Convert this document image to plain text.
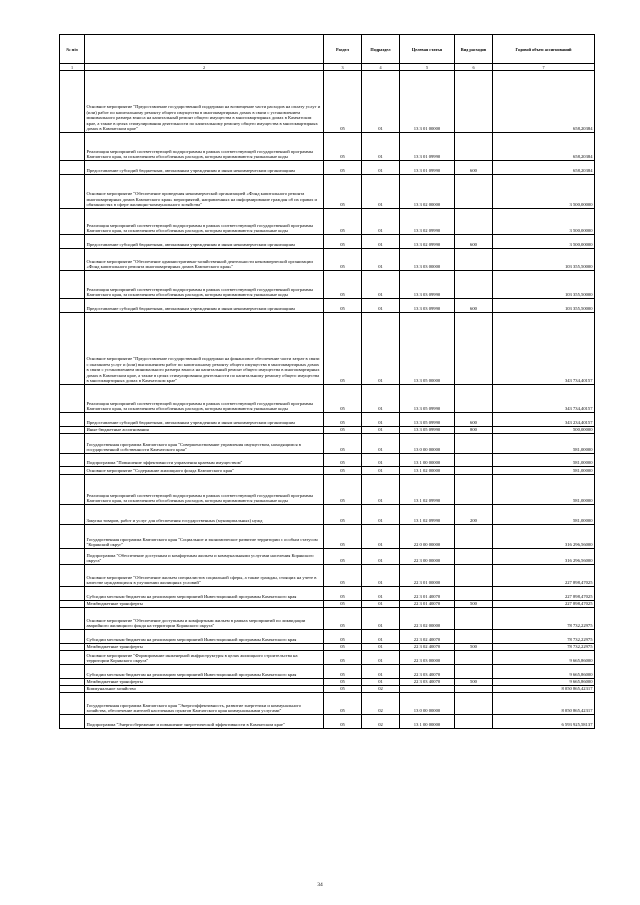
№ п/п		Раздел	Подраздел	Целевая статья	Вид расходов	Годовой объем ассигнований
1	2	3	4	5	6	7
	Основное мероприятие "Предоставление государственной поддержки на возмещение части расходов на оплату услуг и (или) работ по капитальному ремонту общего имущества в многоквартирных домах в связи с установлением минимального размера взноса на капитальный ремонт общего имущества в многоквартирных домах в Камчатском крае, а также в целях стимулирования деятельности по капитальному ремонту общего имущества в многоквартирных домах в Камчатском крае"	05	01	13 3 01 00000		658,20384
	Реализация мероприятий соответствующей подпрограммы в рамках соответствующей государственной программы Камчатского края, за исключением обособленных расходов, которым присваиваются уникальные коды	05	01	13 3 01 09990		658,20384
	Предоставление субсидий бюджетным, автономным учреждениям и иным некоммерческим организациям	05	01	13 3 01 09990	600	658,20384
	Основное мероприятие "Обеспечение проведения некоммерческой организацией «Фонд капитального ремонта многоквартирных домов Камчатского края» мероприятий, направленных на информирование граждан об их правах и обязанностях в сфере жилищно-коммунального хозяйства"	05	01	13 3 02 00000		3 500,00000
	Реализация мероприятий соответствующей подпрограммы в рамках соответствующей государственной программы Камчатского края, за исключением обособленных расходов, которым присваиваются уникальные коды	05	01	13 3 02 09990		3 500,00000
	Предоставление субсидий бюджетным, автономным учреждениям и иным некоммерческим организациям	05	01	13 3 02 09990	600	3 500,00000
	Основное мероприятие "Обеспечение административно-хозяйственной деятельности некоммерческой организации «Фонд капитального ремонта многоквартирных домов Камчатского края»"	05	01	13 3 03 00000		103 355,50000
	Реализация мероприятий соответствующей подпрограммы в рамках соответствующей государственной программы Камчатского края, за исключением обособленных расходов, которым присваиваются уникальные коды	05	01	13 3 03 09990		103 355,50000
	Предоставление субсидий бюджетным, автономным учреждениям и иным некоммерческим организациям	05	01	13 3 03 09990	600	103 355,50000
	Основное мероприятие "Предоставление государственной поддержки на финансовое обеспечение части затрат в связи с оказанием услуг и (или) выполнением работ по капитальному ремонту общего имущества в многоквартирных домах в связи с установлением минимального размера взноса на капитальный ремонт общего имущества в многоквартирных домах в Камчатском крае, а также в целях стимулирования деятельности по капитальному ремонту общего имущества в многоквартирных домах в Камчатском крае"	05	01	13 3 05 00000		343 734,40157
	Реализация мероприятий соответствующей подпрограммы в рамках соответствующей государственной программы Камчатского края, за исключением обособленных расходов, которым присваиваются уникальные коды	05	01	13 3 05 09990		343 734,40157
	Предоставление субсидий бюджетным, автономным учреждениям и иным некоммерческим организациям	05	01	13 3 05 09990	600	343 234,40157
	Иные бюджетные ассигнования	05	01	13 3 05 09990	800	500,00000
	Государственная программа Камчатского края "Совершенствование управления имуществом, находящимся в государственной собственности Камчатского края"	05	01	13 0 00 00000		581,00000
	Подпрограмма "Повышение эффективности управления краевым имуществом"	05	01	13 1 00 00000		581,00000
	Основное мероприятие "Содержание жилищного фонда Камчатского края"	05	01	13 1 02 00000		581,00000
	Реализация мероприятий соответствующей подпрограммы в рамках соответствующей государственной программы Камчатского края, за исключением обособленных расходов, которым присваиваются уникальные коды	05	01	13 1 02 09990		581,00000
	Закупка товаров, работ и услуг для обеспечения государственных (муниципальных) нужд	05	01	13 1 02 09990	200	581,00000
	Государственная программа Камчатского края "Социальное и экономическое развитие территории с особым статусом "Корякский округ"	05	01	22 0 00 00000		316 296,56000
	Подпрограмма "Обеспечение доступным и комфортным жильем и коммунальными услугами населения Корякского округа"	05	01	22 3 00 00000		316 296,56000
	Основное мероприятие "Обеспечение жильем специалистов социальной сферы, а также граждан, стоящих на учете в качестве нуждающихся в улучшении жилищных условий"	05	01	22 3 01 00000		227 898,47025
	Субсидии местным бюджетам на реализацию мероприятий Инвестиционной программы Камчатского края	05	01	22 3 01 40070		227 898,47025
	Межбюджетные трансферты	05	01	22 3 01 40070	500	227 898,47025
	Основное мероприятие "Обеспечение доступным и комфортным жильем в рамках мероприятий по ликвидации аварийного жилищного фонда на территории Корякского округа"	05	01	22 3 02 00000		78 732,22975
	Субсидии местным бюджетам на реализацию мероприятий Инвестиционной программы Камчатского края	05	01	22 3 02 40070		78 732,22975
	Межбюджетные трансферты	05	01	22 3 02 40070	500	78 732,22975
	Основное мероприятие "Формирование инженерной инфраструктуры в целях жилищного строительства на территории Корякского округа"	05	01	22 3 03 00000		9 665,86000
	Субсидии местным бюджетам на реализацию мероприятий Инвестиционной программы Камчатского края	05	01	22 3 03 40070		9 665,86000
	Межбюджетные трансферты	05	01	22 3 03 40070	500	9 665,86000
	Коммунальное хозяйство	05	02			8 050 865,42317
	Государственная программа Камчатского края "Энергоэффективность, развитие энергетики и коммунального хозяйства, обеспечение жителей населенных пунктов Камчатского края коммунальными услугами"	05	02	13 0 00 00000		8 050 865,42317
	Подпрограмма "Энергосбережение и повышение энергетической эффективности в Камчатском крае"	05	02	13 1 00 00000		6 593 925,58137
34
